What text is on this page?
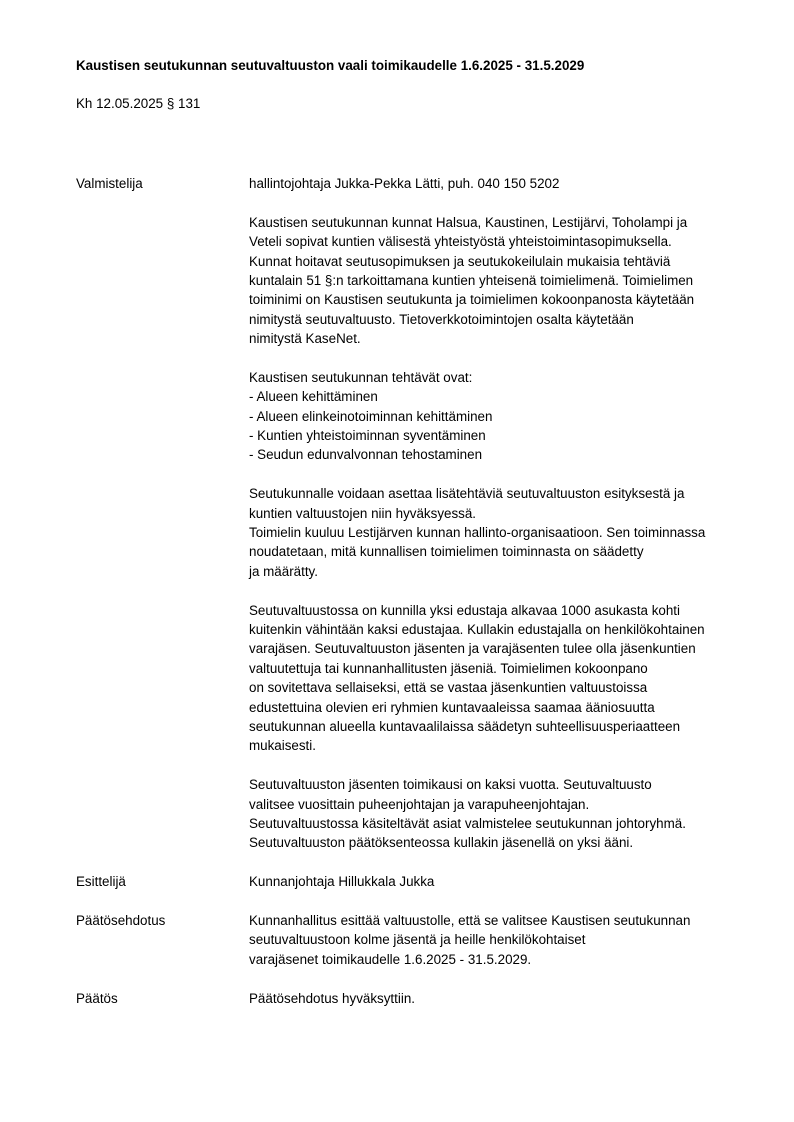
Kaustisen seutukunnan seutuvaltuuston vaali toimikaudelle 1.6.2025 - 31.5.2029
Kh 12.05.2025 § 131
Valmistelija	hallintojohtaja Jukka-Pekka Lätti, puh. 040 150 5202
Kaustisen seutukunnan kunnat Halsua, Kaustinen, Lestijärvi, Toholampi ja
Veteli sopivat kuntien välisestä yhteistyöstä yhteistoimintasopimuksella.
Kunnat hoitavat seutusopimuksen ja seutukokeilulain mukaisia tehtäviä
kuntalain 51 §:n tarkoittamana kuntien yhteisenä toimielimenä. Toimielimen
toiminimi on Kaustisen seutukunta ja toimielimen kokoonpanosta käytetään
nimitystä seutuvaltuusto. Tietoverkkotoimintojen osalta käytetään
nimitystä KaseNet.
Kaustisen seutukunnan tehtävät ovat:
- Alueen kehittäminen
- Alueen elinkeinotoiminnan kehittäminen
- Kuntien yhteistoiminnan syventäminen
- Seudun edunvalvonnan tehostaminen
Seutukunnalle voidaan asettaa lisätehtäviä seutuvaltuuston esityksestä ja
kuntien valtuustojen niin hyväksyessä.
Toimielin kuuluu Lestijärven kunnan hallinto-organisaatioon. Sen toiminnassa
noudatetaan, mitä kunnallisen toimielimen toiminnasta on säädetty
ja määrätty.
Seutuvaltuustossa on kunnilla yksi edustaja alkavaa 1000 asukasta kohti
kuitenkin vähintään kaksi edustajaa. Kullakin edustajalla on henkilökohtainen
varajäsen. Seutuvaltuuston jäsenten ja varajäsenten tulee olla jäsenkuntien
valtuutettuja tai kunnanhallitusten jäseniä. Toimielimen kokoonpano
on sovitettava sellaiseksi, että se vastaa jäsenkuntien valtuustoissa
edustettuina olevien eri ryhmien kuntavaaleissa saamaa ääniosuutta
seutukunnan alueella kuntavaalilaissa säädetyn suhteellisuusperiaatteen
mukaisesti.
Seutuvaltuuston jäsenten toimikausi on kaksi vuotta. Seutuvaltuusto
valitsee vuosittain puheenjohtajan ja varapuheenjohtajan.
Seutuvaltuustossa käsiteltävät asiat valmistelee seutukunnan johtoryhmä.
Seutuvaltuuston päätöksenteossa kullakin jäsenellä on yksi ääni.
Esittelijä	Kunnanjohtaja Hillukkala Jukka
Päätösehdotus	Kunnanhallitus esittää valtuustolle, että se valitsee Kaustisen seutukunnan
seutuvaltuustoon kolme jäsentä ja heille henkilökohtaiset
varajäsenet toimikaudelle 1.6.2025 - 31.5.2029.
Päätös	Päätösehdotus hyväksyttiin.
